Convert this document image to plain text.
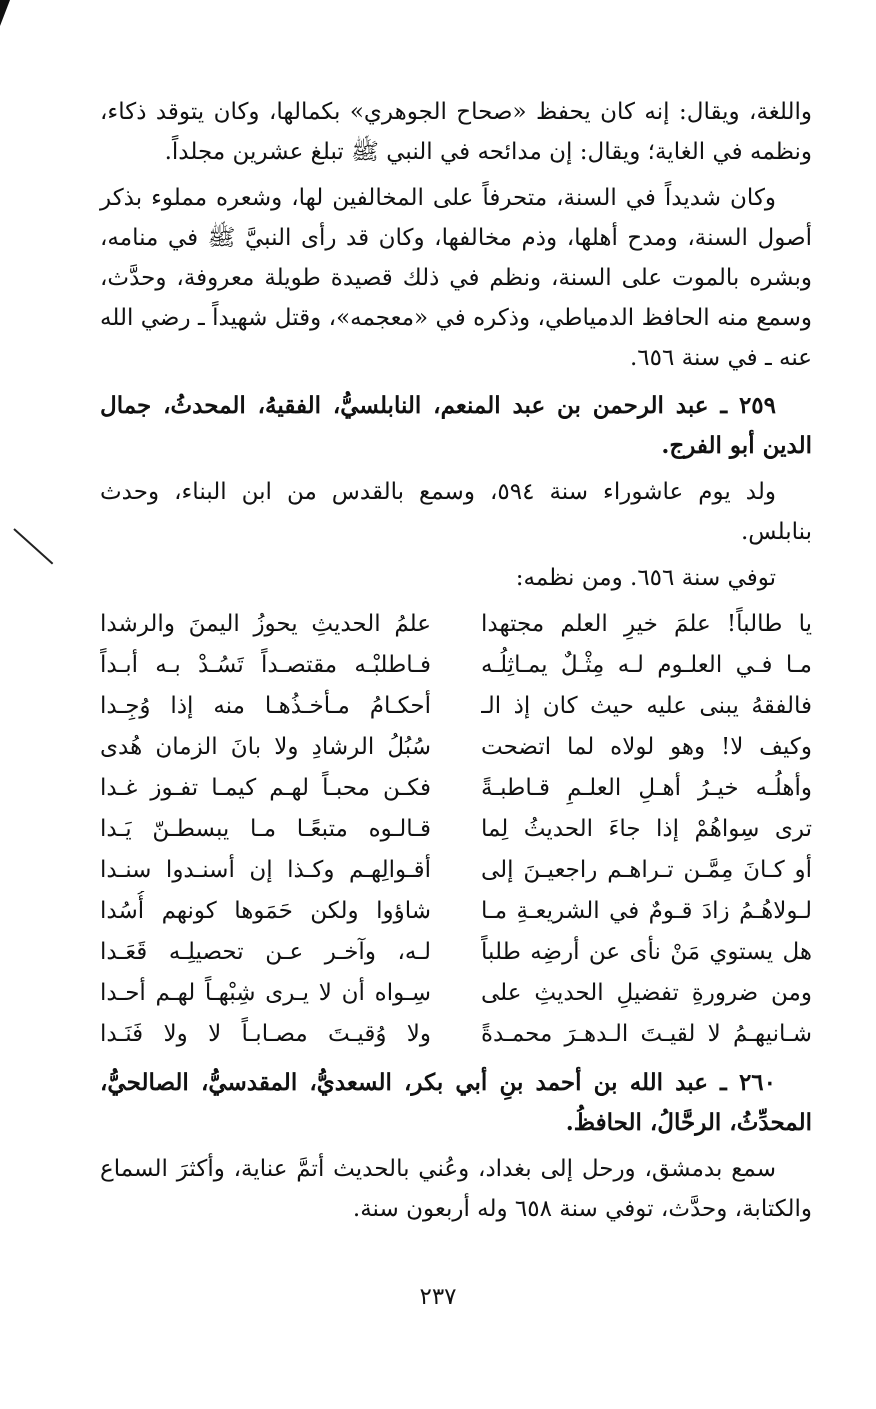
واللغة، ويقال: إنه كان يحفظ «صحاح الجوهري» بكمالها، وكان يتوقد ذكاء، ونظمه في الغاية؛ ويقال: إن مدائحه في النبي ﷺ تبلغ عشرين مجلداً.

وكان شديداً في السنة، متحرفاً على المخالفين لها، وشعره مملوء بذكر أصول السنة، ومدح أهلها، وذم مخالفها، وكان قد رأى النبيَّ ﷺ في منامه، وبشره بالموت على السنة، ونظم في ذلك قصيدة طويلة معروفة، وحدَّث، وسمع منه الحافظ الدمياطي، وذكره في «معجمه»، وقتل شهيداً ـ رضي الله عنه ـ في سنة ٦٥٦.

٢٥٩ ـ عبد الرحمن بن عبد المنعم، النابلسيُّ، الفقيهُ، المحدثُ، جمال الدين أبو الفرج.

ولد يوم عاشوراء سنة ٥٩٤، وسمع بالقدس من ابن البناء، وحدث بنابلس.

توفي سنة ٦٥٦. ومن نظمه:

يا طالباً! علمَ خيرِ العلم مجتهدا
علمُ الحديثِ يحوزُ اليمنَ والرشدا
مـا فـي العلـوم لـه مِثْـلٌ يمـاثِلُـه
فـاطلبْـه مقتصـداً تَسُـدْ بـه أبـداً
فالفقهُ يبنى عليه حيث كان إذ الـ
أحكـامُ مـأخـذُهـا منه إذا وُجِـدا
وكيف لا! وهو لولاه لما اتضحت
سُبُلُ الرشادِ ولا بانَ الزمان هُدى
وأهلُـه خيـرُ أهـلِ العلـمِ قـاطبـةً
فكـن محبـاً لهـم كيمـا تفـوز غـدا
ترى سِواهُمْ إذا جاءَ الحديثُ لِما
قـالـوه متبعًـا مـا يبسطـنّ يَـدا
أو كـانَ مِمَّـن تـراهـم راجعيـنَ إلى
أقـوالِهـم وكـذا إن أسنـدوا سنـدا
لـولاهُـمُ زادَ قـومٌ في الشريعـةِ مـا
شاؤوا ولكن حَمَوها كونهم أُسُدا
هل يستوي مَنْ نأى عن أرضِه طلباً
لـه، وآخـر عـن تحصيلِـه قَعَـدا
ومن ضرورةِ تفضيلِ الحديثِ على
سِـواه أن لا يـرى شِبْهـاً لهـم أحـدا
شـانيهـمُ لا لقيـتَ الـدهـرَ محمـدةً
ولا وُقيـتَ مصـابـاً لا ولا فَنَـدا

٢٦٠ ـ عبد الله بن أحمد بنِ أبي بكر، السعديُّ، المقدسيُّ، الصالحيُّ، المحدِّثُ، الرحَّالُ، الحافظُ.

سمع بدمشق، ورحل إلى بغداد، وعُني بالحديث أتمَّ عناية، وأكثرَ السماع والكتابة، وحدَّث، توفي سنة ٦٥٨ وله أربعون سنة.

٢٣٧
